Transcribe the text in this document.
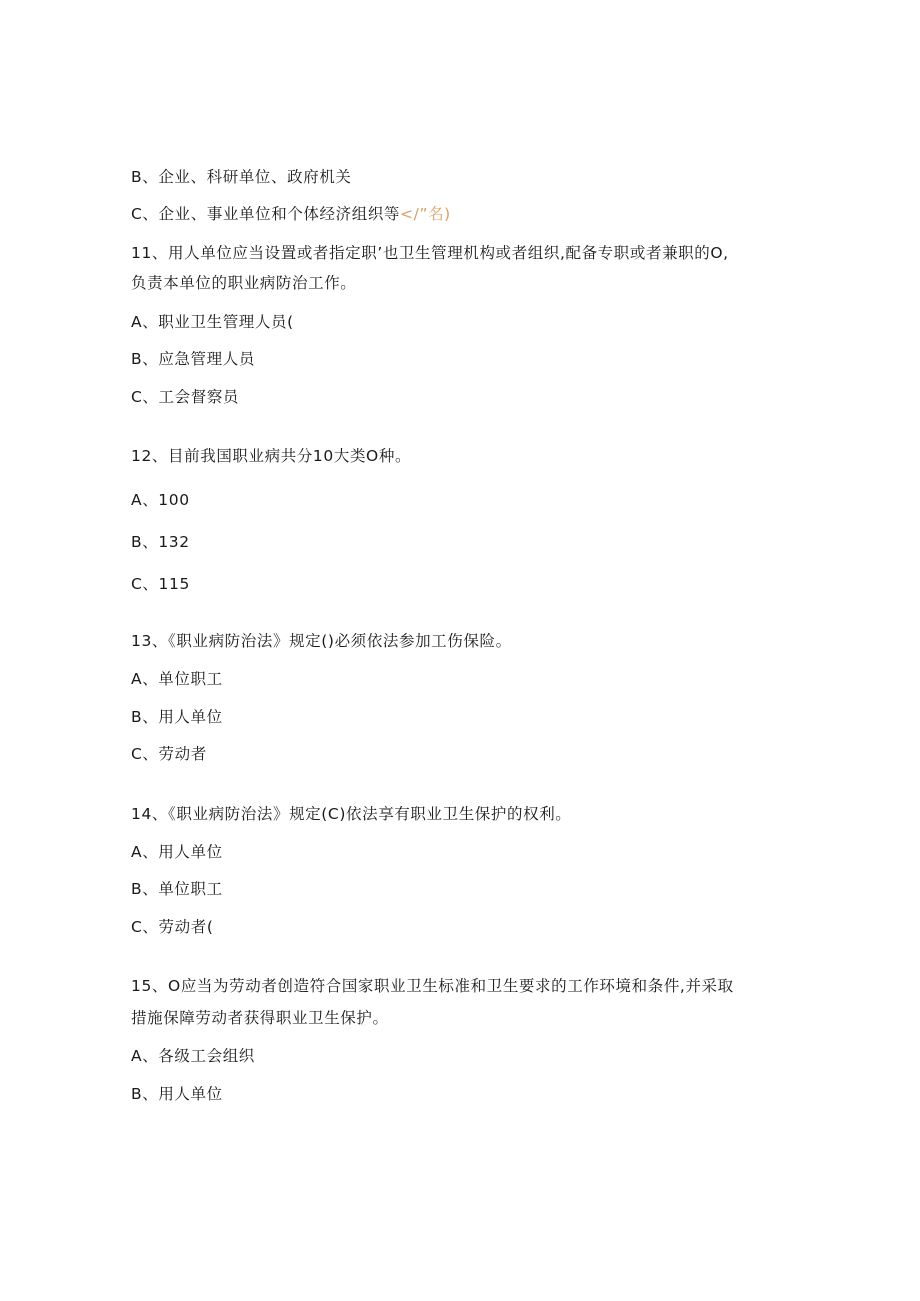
B、企业、科研单位、政府机关
C、企业、事业单位和个体经济组织等</”名)
11、用人单位应当设置或者指定职’也卫生管理机构或者组织,配备专职或者兼职的O,
负责本单位的职业病防治工作。
A、职业卫生管理人员(
B、应急管理人员
C、工会督察员
12、目前我国职业病共分10大类O种。
A、100
B、132
C、115
13、《职业病防治法》规定()必须依法参加工伤保险。
A、单位职工
B、用人单位
C、劳动者
14、《职业病防治法》规定(C)依法享有职业卫生保护的权利。
A、用人单位
B、单位职工
C、劳动者(
15、O应当为劳动者创造符合国家职业卫生标准和卫生要求的工作环境和条件,并采取
措施保障劳动者获得职业卫生保护。
A、各级工会组织
B、用人单位
